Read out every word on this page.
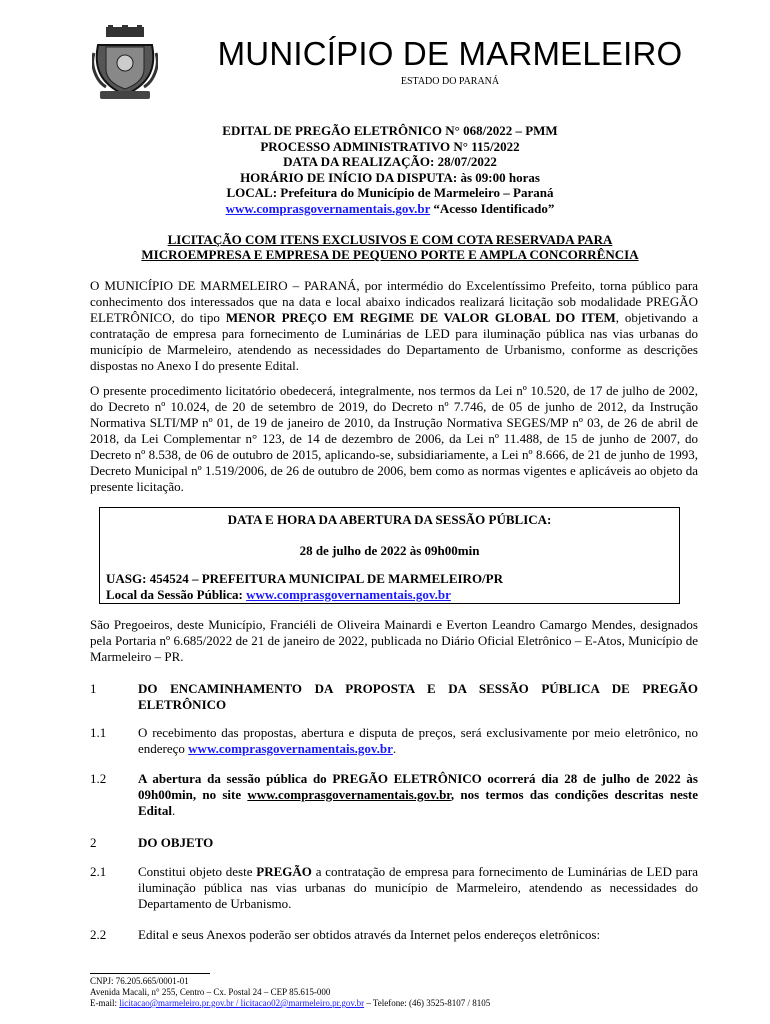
MUNICÍPIO DE MARMELEIRO
ESTADO DO PARANÁ
EDITAL DE PREGÃO ELETRÔNICO N° 068/2022 – PMM
PROCESSO ADMINISTRATIVO N° 115/2022
DATA DA REALIZAÇÃO: 28/07/2022
HORÁRIO DE INÍCIO DA DISPUTA: às 09:00 horas
LOCAL: Prefeitura do Município de Marmeleiro – Paraná
www.comprasgovernamentais.gov.br “Acesso Identificado”
LICITAÇÃO COM ITENS EXCLUSIVOS E COM COTA RESERVADA PARA
MICROEMPRESA E EMPRESA DE PEQUENO PORTE E AMPLA CONCORRÊNCIA
O MUNICÍPIO DE MARMELEIRO – PARANÁ, por intermédio do Excelentíssimo Prefeito, torna público para conhecimento dos interessados que na data e local abaixo indicados realizará licitação sob modalidade PREGÃO ELETRÔNICO, do tipo MENOR PREÇO EM REGIME DE VALOR GLOBAL DO ITEM, objetivando a contratação de empresa para fornecimento de Luminárias de LED para iluminação pública nas vias urbanas do município de Marmeleiro, atendendo as necessidades do Departamento de Urbanismo, conforme as descrições dispostas no Anexo I do presente Edital.
O presente procedimento licitatório obedecerá, integralmente, nos termos da Lei nº 10.520, de 17 de julho de 2002, do Decreto nº 10.024, de 20 de setembro de 2019, do Decreto nº 7.746, de 05 de junho de 2012, da Instrução Normativa SLTI/MP nº 01, de 19 de janeiro de 2010, da Instrução Normativa SEGES/MP nº 03, de 26 de abril de 2018, da Lei Complementar n° 123, de 14 de dezembro de 2006, da Lei nº 11.488, de 15 de junho de 2007, do Decreto nº 8.538, de 06 de outubro de 2015, aplicando-se, subsidiariamente, a Lei nº 8.666, de 21 de junho de 1993, Decreto Municipal nº 1.519/2006, de 26 de outubro de 2006, bem como as normas vigentes e aplicáveis ao objeto da presente licitação.
DATA E HORA DA ABERTURA DA SESSÃO PÚBLICA:
28 de julho de 2022 às 09h00min
UASG: 454524 – PREFEITURA MUNICIPAL DE MARMELEIRO/PR
Local da Sessão Pública: www.comprasgovernamentais.gov.br
São Pregoeiros, deste Município, Franciéli de Oliveira Mainardi e Everton Leandro Camargo Mendes, designados pela Portaria nº 6.685/2022 de 21 de janeiro de 2022, publicada no Diário Oficial Eletrônico – E-Atos, Município de Marmeleiro – PR.
1	DO ENCAMINHAMENTO DA PROPOSTA E DA SESSÃO PÚBLICA DE PREGÃO ELETRÔNICO
1.1 O recebimento das propostas, abertura e disputa de preços, será exclusivamente por meio eletrônico, no endereço www.comprasgovernamentais.gov.br.
1.2 A abertura da sessão pública do PREGÃO ELETRÔNICO ocorrerá dia 28 de julho de 2022 às 09h00min, no site www.comprasgovernamentais.gov.br, nos termos das condições descritas neste Edital.
2	DO OBJETO
2.1 Constitui objeto deste PREGÃO a contratação de empresa para fornecimento de Luminárias de LED para iluminação pública nas vias urbanas do município de Marmeleiro, atendendo as necessidades do Departamento de Urbanismo.
2.2 Edital e seus Anexos poderão ser obtidos através da Internet pelos endereços eletrônicos:
CNPJ: 76.205.665/0001-01
Avenida Macali, n° 255, Centro – Cx. Postal 24 – CEP 85.615-000
E-mail: licitacao@marmeleiro.pr.gov.br / licitacao02@marmeleiro.pr.gov.br – Telefone: (46) 3525-8107 / 8105
